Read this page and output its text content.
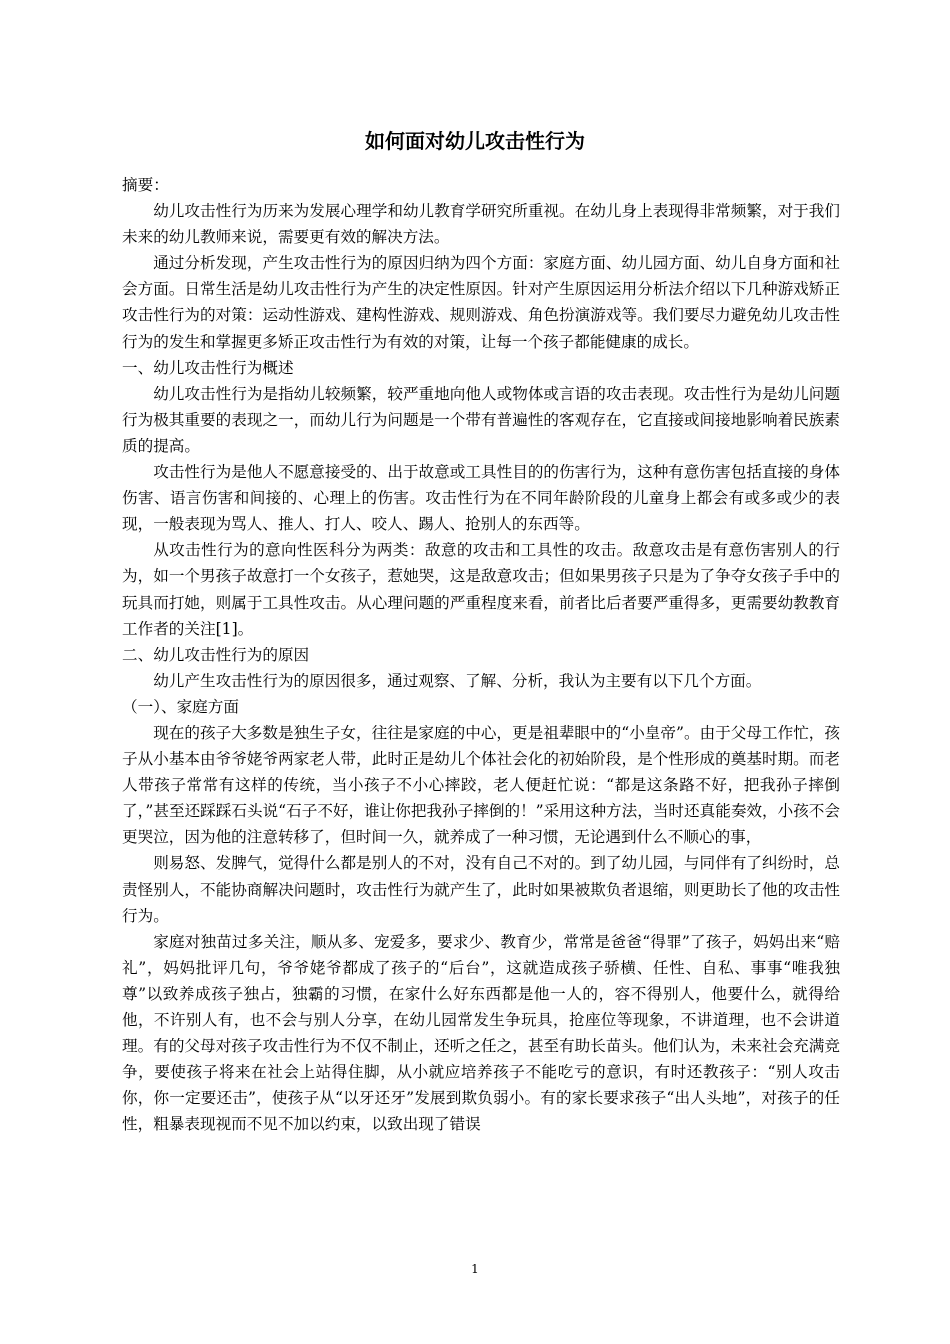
如何面对幼儿攻击性行为

摘要：

幼儿攻击性行为历来为发展心理学和幼儿教育学研究所重视。在幼儿身上表现得非常频繁，对于我们未来的幼儿教师来说，需要更有效的解决方法。

通过分析发现，产生攻击性行为的原因归纳为四个方面：家庭方面、幼儿园方面、幼儿自身方面和社会方面。日常生活是幼儿攻击性行为产生的决定性原因。针对产生原因运用分析法介绍以下几种游戏矫正攻击性行为的对策：运动性游戏、建构性游戏、规则游戏、角色扮演游戏等。我们要尽力避免幼儿攻击性行为的发生和掌握更多矫正攻击性行为有效的对策，让每一个孩子都能健康的成长。

一、幼儿攻击性行为概述

幼儿攻击性行为是指幼儿较频繁，较严重地向他人或物体或言语的攻击表现。攻击性行为是幼儿问题行为极其重要的表现之一，而幼儿行为问题是一个带有普遍性的客观存在，它直接或间接地影响着民族素质的提高。

攻击性行为是他人不愿意接受的、出于故意或工具性目的的伤害行为，这种有意伤害包括直接的身体伤害、语言伤害和间接的、心理上的伤害。攻击性行为在不同年龄阶段的儿童身上都会有或多或少的表现，一般表现为骂人、推人、打人、咬人、踢人、抢别人的东西等。

从攻击性行为的意向性医科分为两类：敌意的攻击和工具性的攻击。敌意攻击是有意伤害别人的行为，如一个男孩子故意打一个女孩子，惹她哭，这是敌意攻击；但如果男孩子只是为了争夺女孩子手中的玩具而打她，则属于工具性攻击。从心理问题的严重程度来看，前者比后者要严重得多，更需要幼教教育工作者的关注[1]。

二、幼儿攻击性行为的原因

幼儿产生攻击性行为的原因很多，通过观察、了解、分析，我认为主要有以下几个方面。

（一）、家庭方面

现在的孩子大多数是独生子女，往往是家庭的中心，更是祖辈眼中的“小皇帝”。由于父母工作忙，孩子从小基本由爷爷姥爷两家老人带，此时正是幼儿个体社会化的初始阶段，是个性形成的奠基时期。而老人带孩子常常有这样的传统，当小孩子不小心摔跤，老人便赶忙说：“都是这条路不好，把我孙子摔倒了，”甚至还踩踩石头说“石子不好，谁让你把我孙子摔倒的！”采用这种方法，当时还真能奏效，小孩不会更哭泣，因为他的注意转移了，但时间一久，就养成了一种习惯，无论遇到什么不顺心的事，

则易怒、发脾气，觉得什么都是别人的不对，没有自己不对的。到了幼儿园，与同伴有了纠纷时，总责怪别人，不能协商解决问题时，攻击性行为就产生了，此时如果被欺负者退缩，则更助长了他的攻击性行为。

家庭对独苗过多关注，顺从多、宠爱多，要求少、教育少，常常是爸爸“得罪”了孩子，妈妈出来“赔礼”，妈妈批评几句，爷爷姥爷都成了孩子的“后台”，这就造成孩子骄横、任性、自私、事事“唯我独尊”以致养成孩子独占，独霸的习惯，在家什么好东西都是他一人的，容不得别人，他要什么，就得给他，不许别人有，也不会与别人分享，在幼儿园常发生争玩具，抢座位等现象，不讲道理，也不会讲道理。有的父母对孩子攻击性行为不仅不制止，还听之任之，甚至有助长苗头。他们认为，未来社会充满竞争，要使孩子将来在社会上站得住脚，从小就应培养孩子不能吃亏的意识，有时还教孩子：“别人攻击你，你一定要还击”，使孩子从“以牙还牙”发展到欺负弱小。有的家长要求孩子“出人头地”，对孩子的任性，粗暴表现视而不见不加以约束，以致出现了错误

1
